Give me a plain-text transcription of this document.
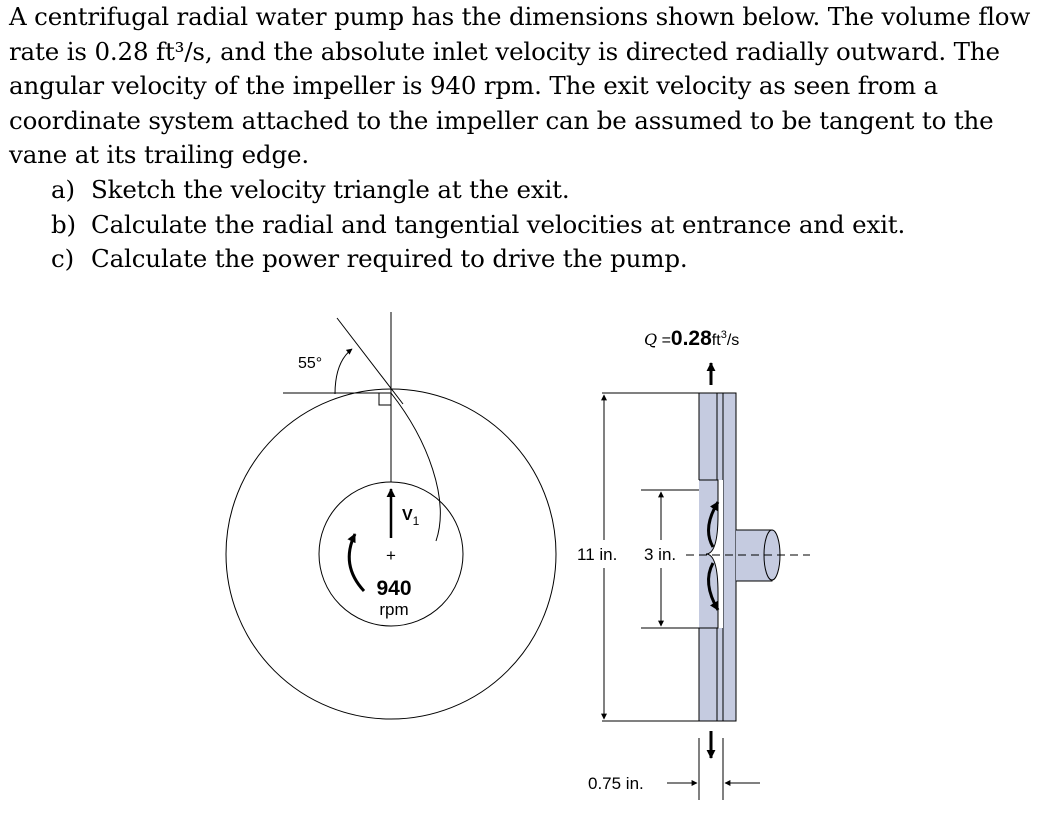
A centrifugal radial water pump has the dimensions shown below. The volume flow rate is 0.28 ft³/s, and the absolute inlet velocity is directed radially outward. The angular velocity of the impeller is 940 rpm. The exit velocity as seen from a coordinate system attached to the impeller can be assumed to be tangent to the vane at its trailing edge.

a) Sketch the velocity triangle at the exit.
b) Calculate the radial and tangential velocities at entrance and exit.
c) Calculate the power required to drive the pump.
55°
$V_1$
+
940
rpm
$Q =0.28ft^3/s$
11 in. 3 in.
0.75 in.
